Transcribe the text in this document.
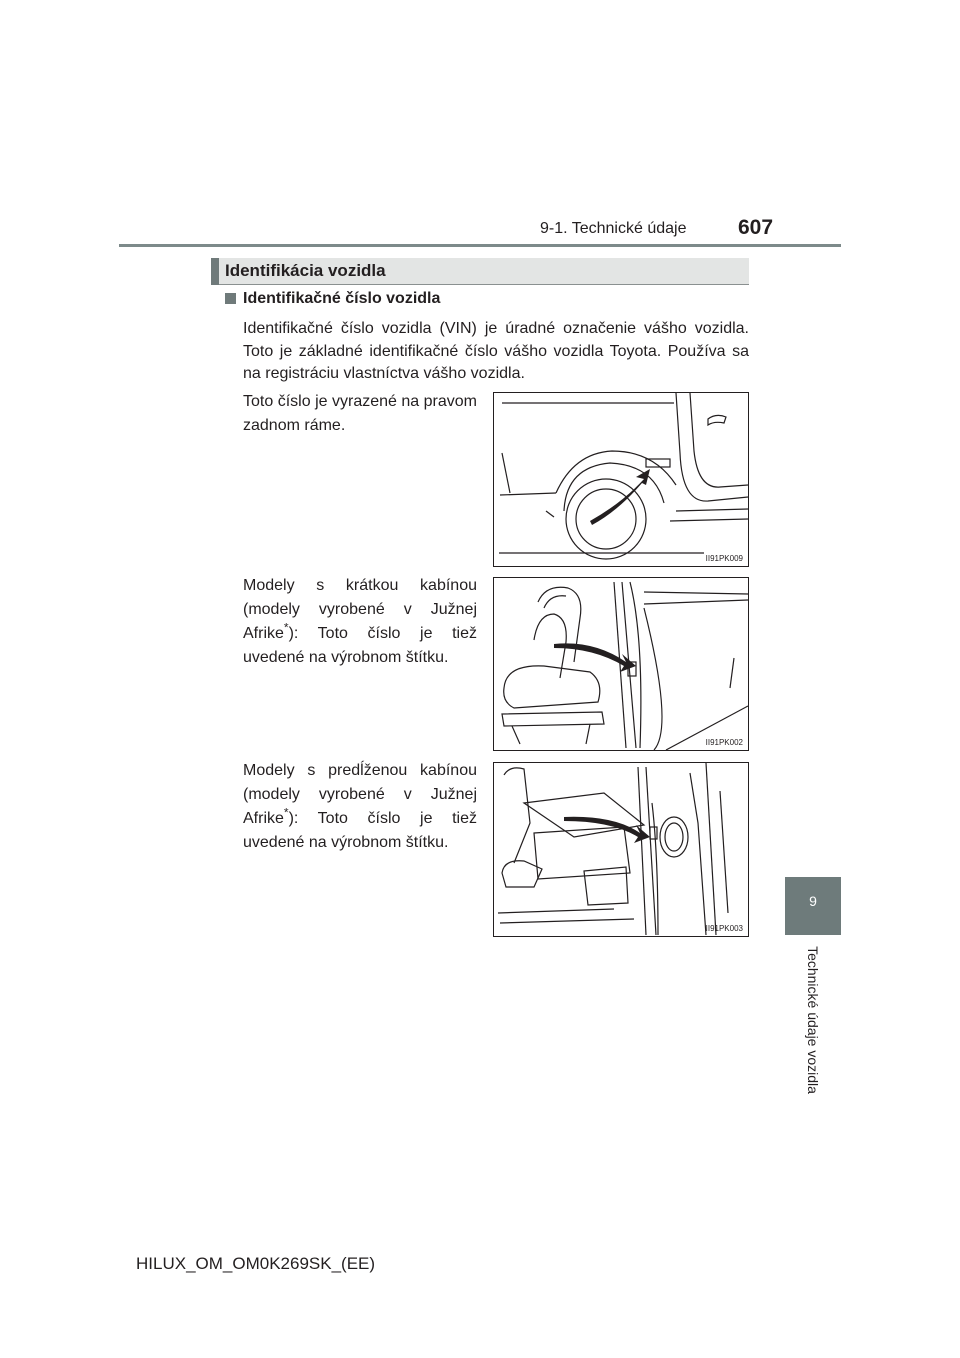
9-1. Technické údaje 607
9
Technické údaje vozidla
Identifikácia vozidla
Identifikačné číslo vozidla
Identifikačné číslo vozidla (VIN) je úradné označenie vášho vozidla. Toto je základné identifikačné číslo vášho vozidla Toyota. Používa sa na registráciu vlastníctva vášho vozidla.
Toto číslo je vyrazené na pravom zadnom ráme.
II91PK009
Modely s krátkou kabínou (modely vyrobené v Južnej Afrike*): Toto číslo je tiež uvedené na výrobnom štítku.
II91PK002
Modely s predĺženou kabínou (modely vyrobené v Južnej Afrike*): Toto číslo je tiež uvedené na výrobnom štítku.
II91PK003
HILUX_OM_OM0K269SK_(EE)
